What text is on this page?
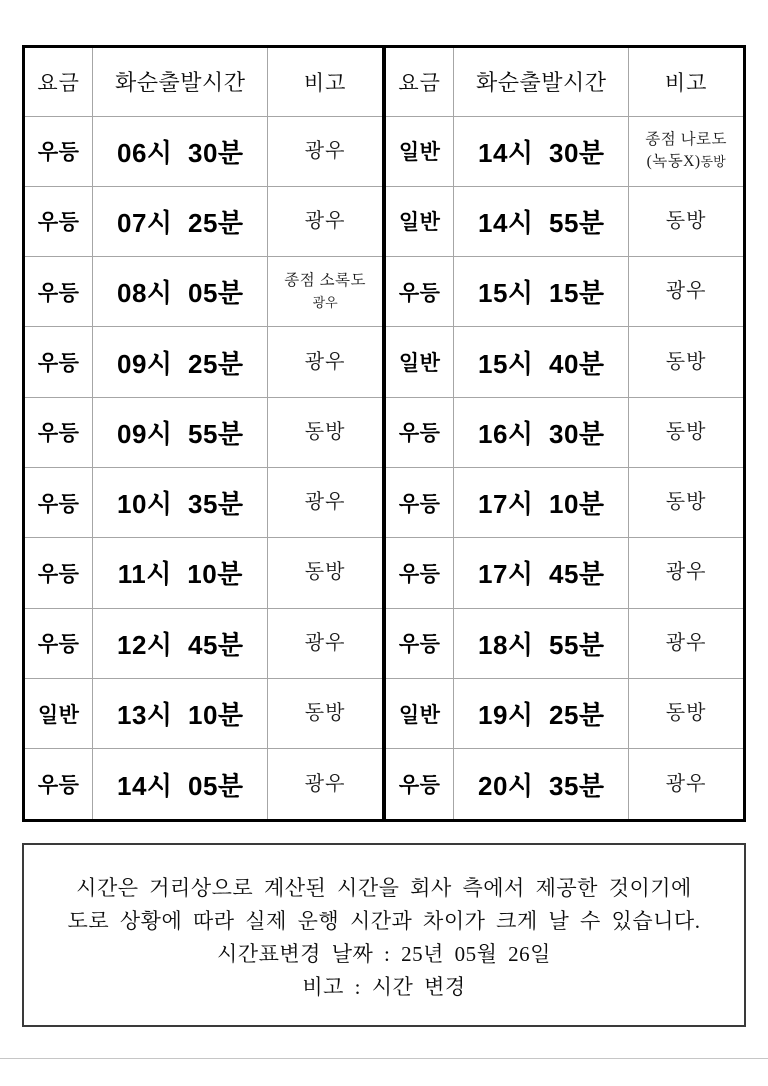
요금	화순출발시간	비고
우등	06시  30분	광우

우등	07시  25분	광우

우등	08시  05분	종점 소록도
광우

우등	09시  25분	광우

우등	09시  55분	동방

우등	10시  35분	광우

우등	11시  10분	동방

우등	12시  45분	광우

일반	13시  10분	동방

우등	14시  05분	광우
요금	화순출발시간	비고
일반	14시  30분	종점 나로도
(녹동X)동방

일반	14시  55분	동방

우등	15시  15분	광우

일반	15시  40분	동방

우등	16시  30분	동방

우등	17시  10분	동방

우등	17시  45분	광우

우등	18시  55분	광우

일반	19시  25분	동방

우등	20시  35분	광우
시간은 거리상으로 계산된 시간을 회사 측에서 제공한 것이기에
도로 상황에 따라 실제 운행 시간과 차이가 크게 날 수 있습니다.
시간표변경 날짜 : 25년 05월 26일
비고 : 시간 변경
